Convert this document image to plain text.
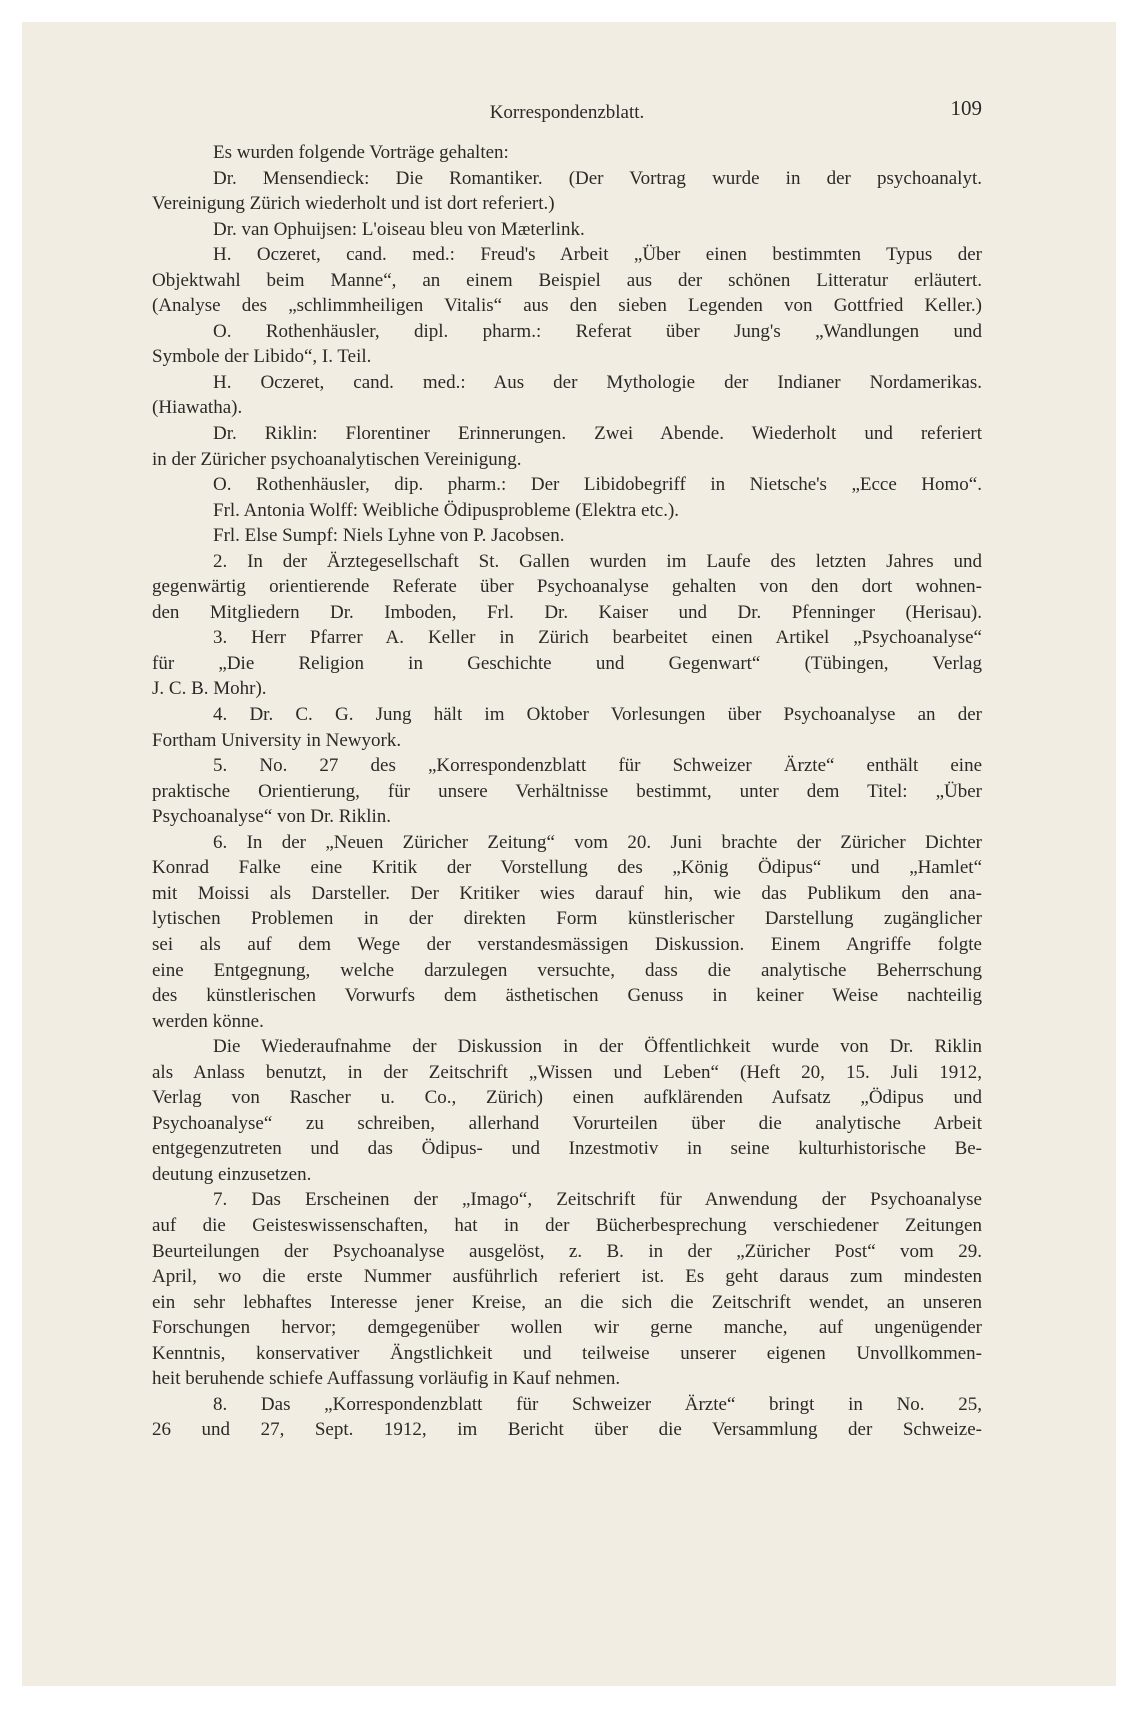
Korrespondenzblatt.	109
Es wurden folgende Vorträge gehalten:
Dr. Mensendieck: Die Romantiker. (Der Vortrag wurde in der psychoanalyt.
Vereinigung Zürich wiederholt und ist dort referiert.)
Dr. van Ophuijsen: L'oiseau bleu von Mæterlink.
H. Oczeret, cand. med.: Freud's Arbeit „Über einen bestimmten Typus der
Objektwahl beim Manne“, an einem Beispiel aus der schönen Litteratur erläutert.
(Analyse des „schlimmheiligen Vitalis“ aus den sieben Legenden von Gottfried Keller.)
O. Rothenhäusler, dipl. pharm.: Referat über Jung's „Wandlungen und
Symbole der Libido“, I. Teil.
H. Oczeret, cand. med.: Aus der Mythologie der Indianer Nordamerikas.
(Hiawatha).
Dr. Riklin: Florentiner Erinnerungen. Zwei Abende. Wiederholt und referiert
in der Züricher psychoanalytischen Vereinigung.
O. Rothenhäusler, dip. pharm.: Der Libidobegriff in Nietsche's „Ecce Homo“.
Frl. Antonia Wolff: Weibliche Ödipusprobleme (Elektra etc.).
Frl. Else Sumpf: Niels Lyhne von P. Jacobsen.
2. In der Ärztegesellschaft St. Gallen wurden im Laufe des letzten Jahres und
gegenwärtig orientierende Referate über Psychoanalyse gehalten von den dort wohnen-
den Mitgliedern Dr. Imboden, Frl. Dr. Kaiser und Dr. Pfenninger (Herisau).
3. Herr Pfarrer A. Keller in Zürich bearbeitet einen Artikel „Psychoanalyse“
für „Die Religion in Geschichte und Gegenwart“ (Tübingen, Verlag
J. C. B. Mohr).
4. Dr. C. G. Jung hält im Oktober Vorlesungen über Psychoanalyse an der
Fortham University in Newyork.
5. No. 27 des „Korrespondenzblatt für Schweizer Ärzte“ enthält eine
praktische Orientierung, für unsere Verhältnisse bestimmt, unter dem Titel: „Über
Psychoanalyse“ von Dr. Riklin.
6. In der „Neuen Züricher Zeitung“ vom 20. Juni brachte der Züricher Dichter
Konrad Falke eine Kritik der Vorstellung des „König Ödipus“ und „Hamlet“
mit Moissi als Darsteller. Der Kritiker wies darauf hin, wie das Publikum den ana-
lytischen Problemen in der direkten Form künstlerischer Darstellung zugänglicher
sei als auf dem Wege der verstandesmässigen Diskussion. Einem Angriffe folgte
eine Entgegnung, welche darzulegen versuchte, dass die analytische Beherrschung
des künstlerischen Vorwurfs dem ästhetischen Genuss in keiner Weise nachteilig
werden könne.
Die Wiederaufnahme der Diskussion in der Öffentlichkeit wurde von Dr. Riklin
als Anlass benutzt, in der Zeitschrift „Wissen und Leben“ (Heft 20, 15. Juli 1912,
Verlag von Rascher u. Co., Zürich) einen aufklärenden Aufsatz „Ödipus und
Psychoanalyse“ zu schreiben, allerhand Vorurteilen über die analytische Arbeit
entgegenzutreten und das Ödipus- und Inzestmotiv in seine kulturhistorische Be-
deutung einzusetzen.
7. Das Erscheinen der „Imago“, Zeitschrift für Anwendung der Psychoanalyse
auf die Geisteswissenschaften, hat in der Bücherbesprechung verschiedener Zeitungen
Beurteilungen der Psychoanalyse ausgelöst, z. B. in der „Züricher Post“ vom 29.
April, wo die erste Nummer ausführlich referiert ist. Es geht daraus zum mindesten
ein sehr lebhaftes Interesse jener Kreise, an die sich die Zeitschrift wendet, an unseren
Forschungen hervor; demgegenüber wollen wir gerne manche, auf ungenügender
Kenntnis, konservativer Ängstlichkeit und teilweise unserer eigenen Unvollkommen-
heit beruhende schiefe Auffassung vorläufig in Kauf nehmen.
8. Das „Korrespondenzblatt für Schweizer Ärzte“ bringt in No. 25,
26 und 27, Sept. 1912, im Bericht über die Versammlung der Schweize-
